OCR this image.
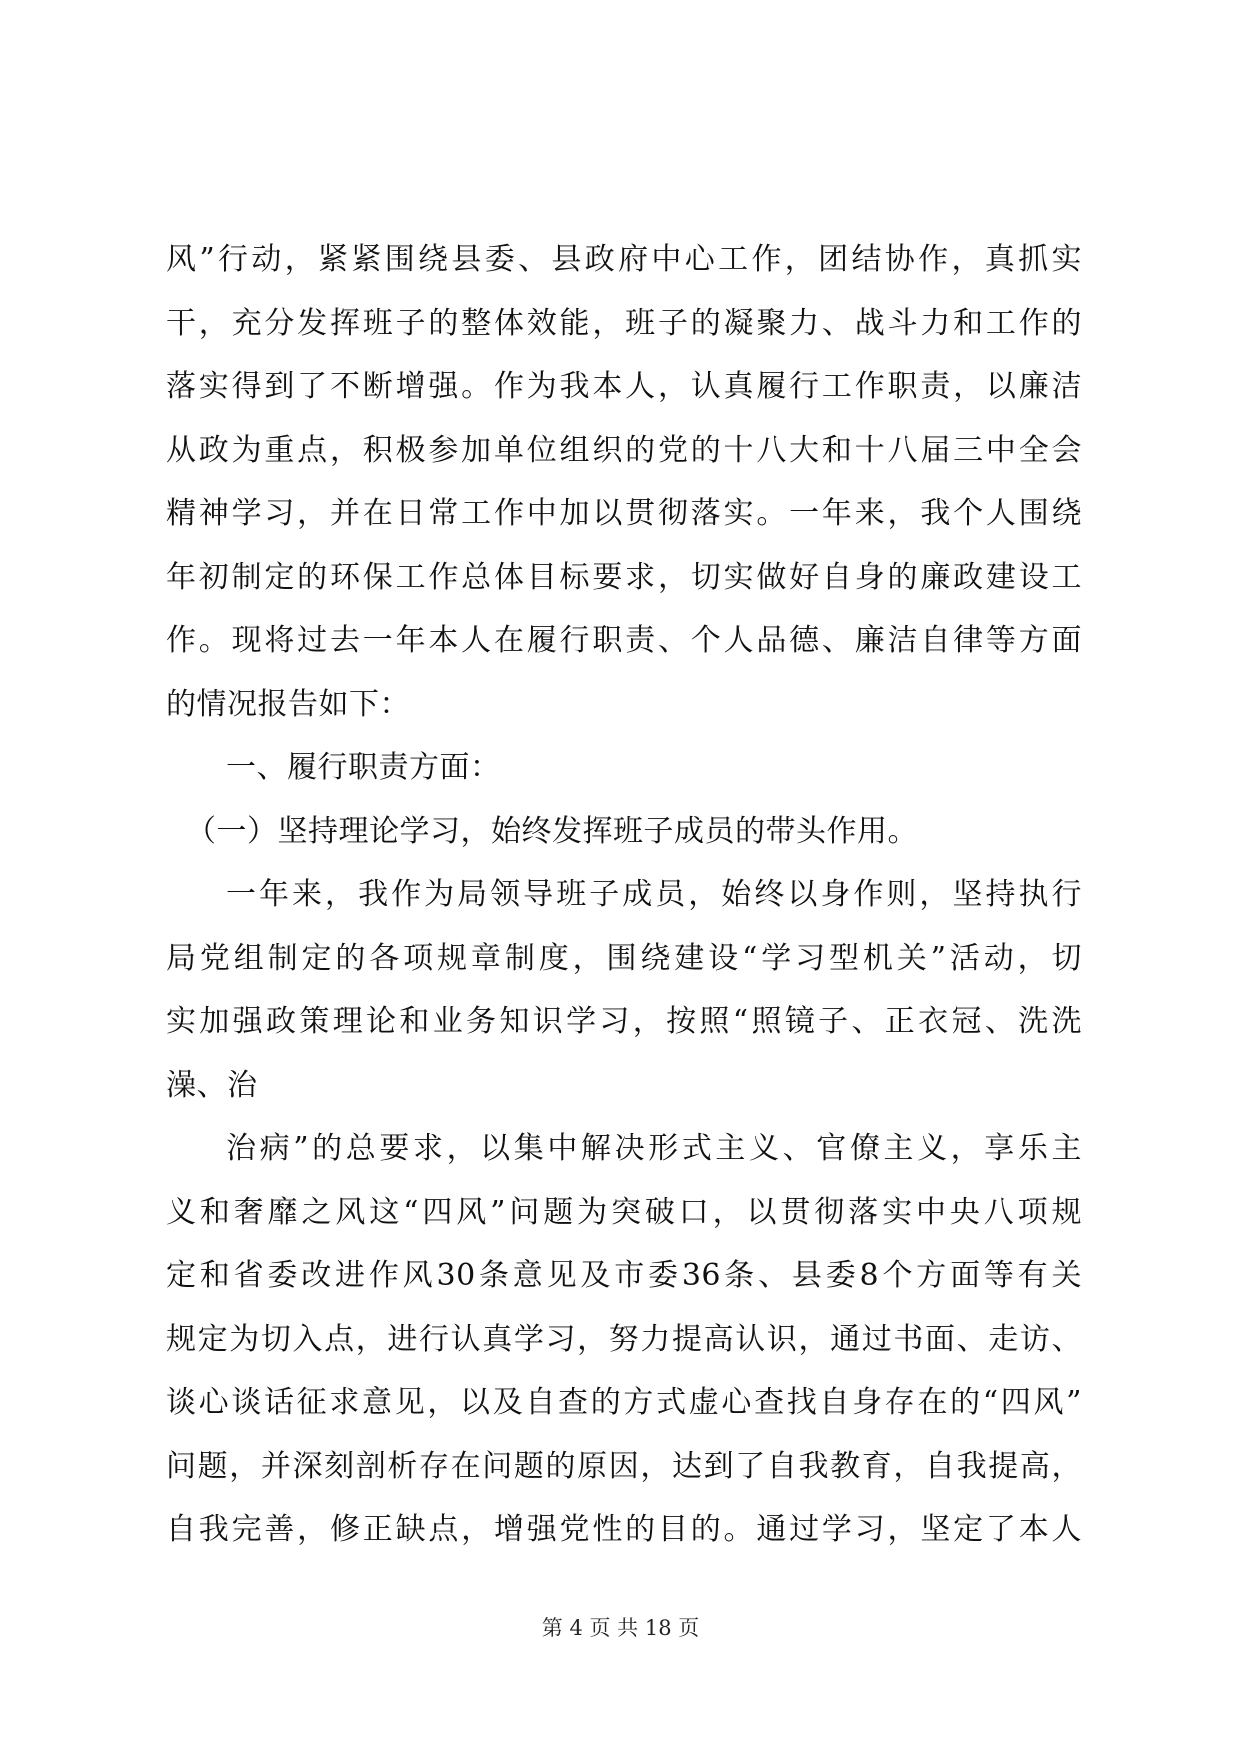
风”行动，紧紧围绕县委、县政府中心工作，团结协作，真抓实
干，充分发挥班子的整体效能，班子的凝聚力、战斗力和工作的
落实得到了不断增强。作为我本人，认真履行工作职责，以廉洁
从政为重点，积极参加单位组织的党的十八大和十八届三中全会
精神学习，并在日常工作中加以贯彻落实。一年来，我个人围绕
年初制定的环保工作总体目标要求，切实做好自身的廉政建设工
作。现将过去一年本人在履行职责、个人品德、廉洁自律等方面
的情况报告如下：
一、履行职责方面：
（一）坚持理论学习，始终发挥班子成员的带头作用。
一年来，我作为局领导班子成员，始终以身作则，坚持执行
局党组制定的各项规章制度，围绕建设“学习型机关”活动，切
实加强政策理论和业务知识学习，按照“照镜子、正衣冠、洗洗
澡、治
治病”的总要求，以集中解决形式主义、官僚主义，享乐主
义和奢靡之风这“四风”问题为突破口，以贯彻落实中央八项规
定和省委改进作风30条意见及市委36条、县委8个方面等有关
规定为切入点，进行认真学习，努力提高认识，通过书面、走访、
谈心谈话征求意见，以及自查的方式虚心查找自身存在的“四风”
问题，并深刻剖析存在问题的原因，达到了自我教育，自我提高，
自我完善，修正缺点，增强党性的目的。通过学习，坚定了本人
第 4 页 共 18 页
